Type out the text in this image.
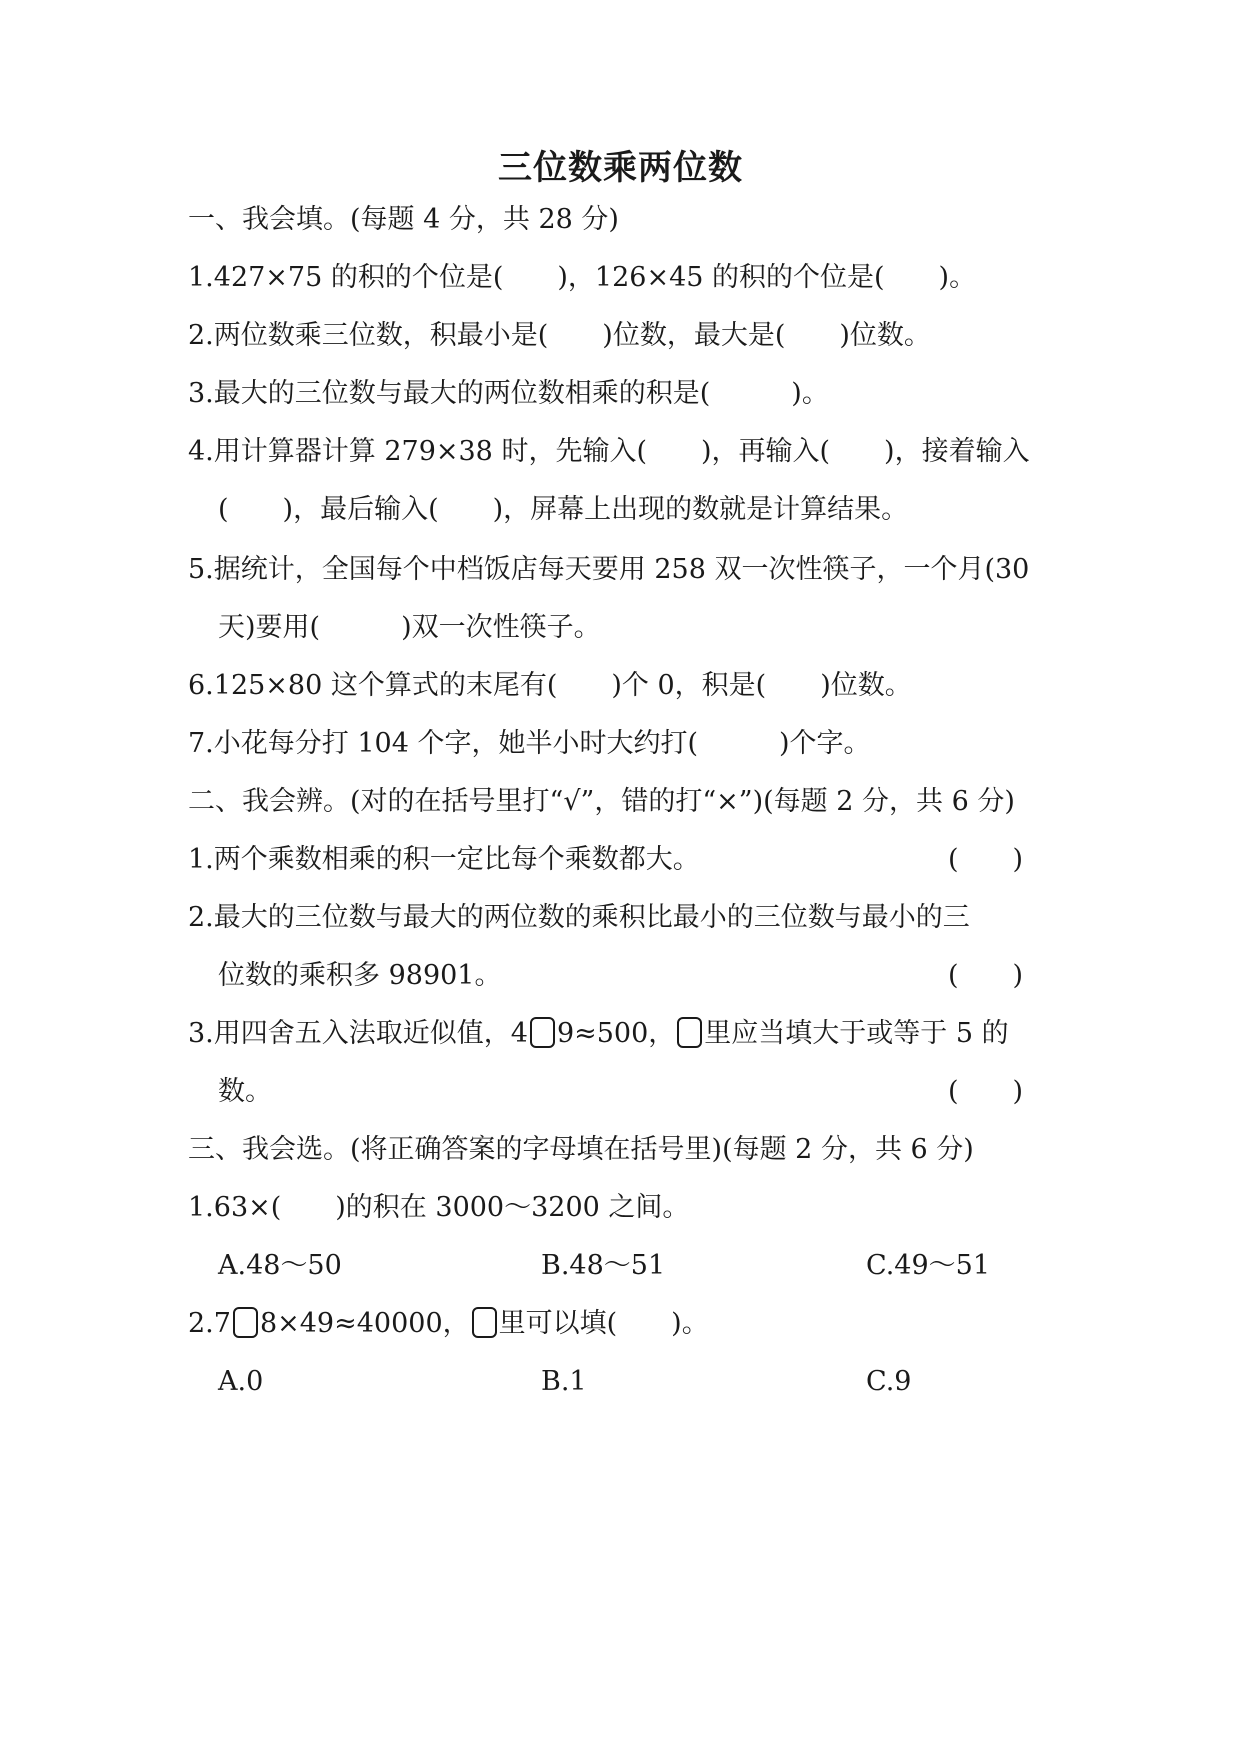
三位数乘两位数
一、我会填。(每题 4 分，共 28 分)
1.427×75 的积的个位是(　　)，126×45 的积的个位是(　　)。
2.两位数乘三位数，积最小是(　　)位数，最大是(　　)位数。
3.最大的三位数与最大的两位数相乘的积是(　　　)。
4.用计算器计算 279×38 时，先输入(　　)，再输入(　　)，接着输入
(　　)，最后输入(　　)，屏幕上出现的数就是计算结果。
5.据统计，全国每个中档饭店每天要用 258 双一次性筷子，一个月(30
天)要用(　　　)双一次性筷子。
6.125×80 这个算式的末尾有(　　)个 0，积是(　　)位数。
7.小花每分打 104 个字，她半小时大约打(　　　)个字。
二、我会辨。(对的在括号里打“√”，错的打“×”)(每题 2 分，共 6 分)
1.两个乘数相乘的积一定比每个乘数都大。	(　　)
2.最大的三位数与最大的两位数的乘积比最小的三位数与最小的三
位数的乘积多 98901。	(　　)
3.用四舍五入法取近似值，4 9≈500， 里应当填大于或等于 5 的
数。	(　　)
三、我会选。(将正确答案的字母填在括号里)(每题 2 分，共 6 分)
1.63×(　　)的积在 3000～3200 之间。
A.48～50	B.48～51	C.49～51
2.7 8×49≈40000， 里可以填(　　)。
A.0	B.1	C.9
